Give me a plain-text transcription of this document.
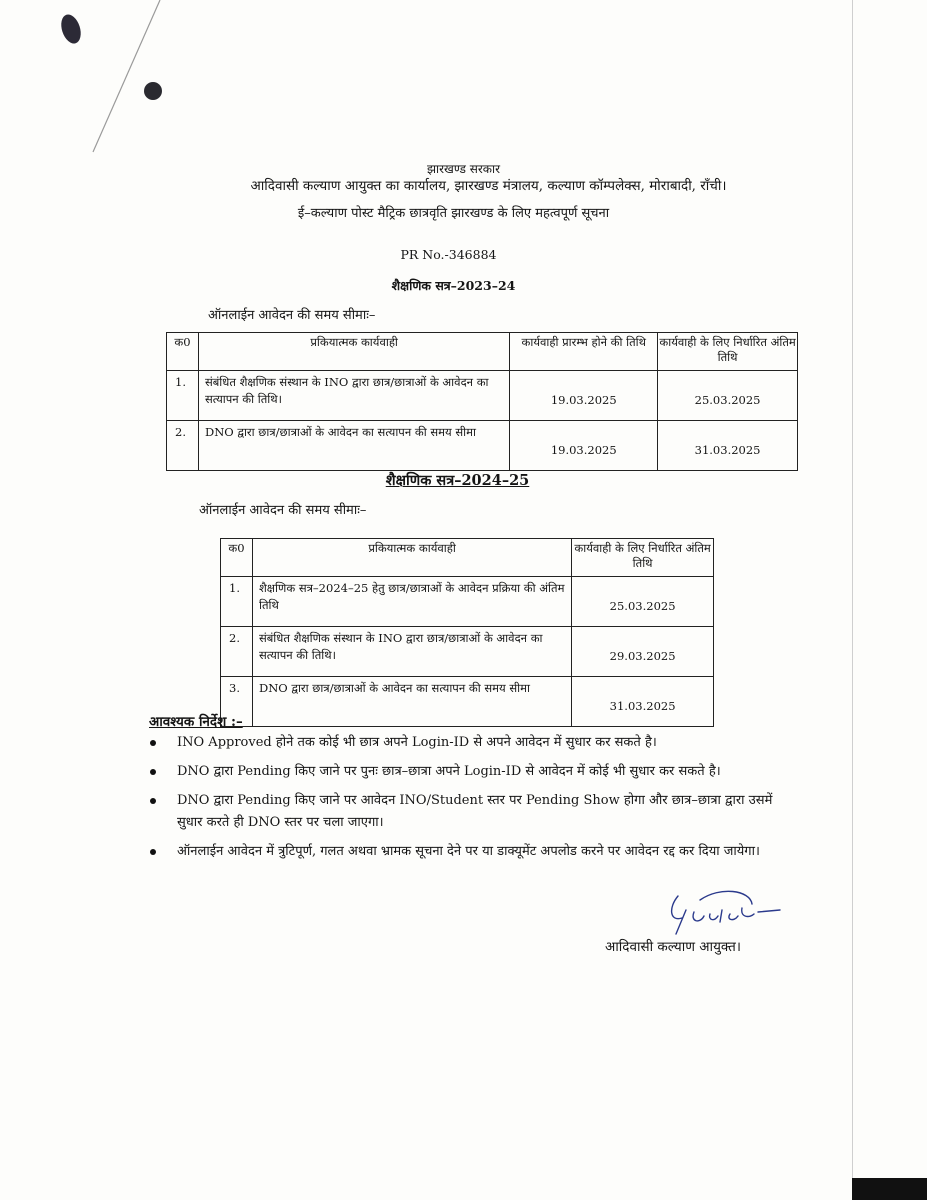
झारखण्ड सरकार
आदिवासी कल्याण आयुक्त का कार्यालय, झारखण्ड मंत्रालय, कल्याण कॉम्पलेक्स, मोराबादी, राँची।
ई–कल्याण पोस्ट मैट्रिक छात्रवृति झारखण्ड के लिए महत्वपूर्ण सूचना
PR No.-346884
शैक्षणिक सत्र–2023–24
ऑनलाईन आवेदन की समय सीमाः–
क0	प्रकियात्मक कार्यवाही	कार्यवाही प्रारम्भ होने की तिथि	कार्यवाही के लिए निर्धारित अंतिम तिथि
1.	संबंधित शैक्षणिक संस्थान के INO द्वारा छात्र/छात्राओं के आवेदन का सत्यापन की तिथि।	19.03.2025	25.03.2025
2.	DNO द्वारा छात्र/छात्राओं के आवेदन का सत्यापन की समय सीमा	19.03.2025	31.03.2025
शैक्षणिक सत्र–2024–25
ऑनलाईन आवेदन की समय सीमाः–
क0	प्रकियात्मक कार्यवाही	कार्यवाही के लिए निर्धारित अंतिम तिथि
1.	शैक्षणिक सत्र–2024–25 हेतु छात्र/छात्राओं के आवेदन प्रक्रिया की अंतिम तिथि	25.03.2025
2.	संबंधित शैक्षणिक संस्थान के INO द्वारा छात्र/छात्राओं के आवेदन का सत्यापन की तिथि।	29.03.2025
3.	DNO द्वारा छात्र/छात्राओं के आवेदन का सत्यापन की समय सीमा	31.03.2025
आवश्यक निर्देश :–
INO Approved होने तक कोई भी छात्र अपने Login-ID से अपने आवेदन में सुधार कर सकते है।
DNO द्वारा Pending किए जाने पर पुनः छात्र–छात्रा अपने Login-ID से आवेदन में कोई भी सुधार कर सकते है।
DNO द्वारा Pending किए जाने पर आवेदन INO/Student स्तर पर Pending Show होगा और छात्र–छात्रा द्वारा उसमें सुधार करते ही DNO स्तर पर चला जाएगा।
ऑनलाईन आवेदन में त्रुटिपूर्ण, गलत अथवा भ्रामक सूचना देने पर या डाक्यूमेंट अपलोड करने पर आवेदन रद्द कर दिया जायेगा।
आदिवासी कल्याण आयुक्त।
